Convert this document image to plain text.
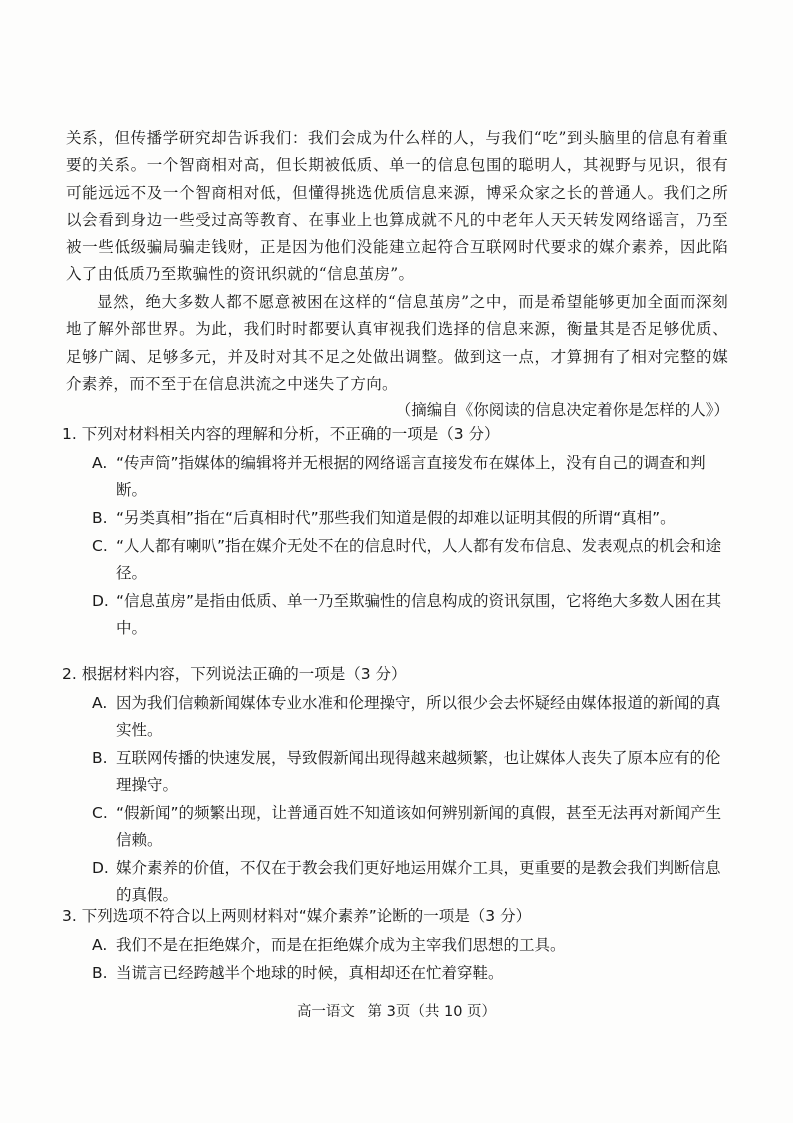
关系，但传播学研究却告诉我们：我们会成为什么样的人，与我们“吃”到头脑里的信息有着重要的关系。一个智商相对高，但长期被低质、单一的信息包围的聪明人，其视野与见识，很有可能远远不及一个智商相对低，但懂得挑选优质信息来源，博采众家之长的普通人。我们之所以会看到身边一些受过高等教育、在事业上也算成就不凡的中老年人天天转发网络谣言，乃至被一些低级骗局骗走钱财，正是因为他们没能建立起符合互联网时代要求的媒介素养，因此陷入了由低质乃至欺骗性的资讯织就的“信息茧房”。

显然，绝大多数人都不愿意被困在这样的“信息茧房”之中，而是希望能够更加全面而深刻地了解外部世界。为此，我们时时都要认真审视我们选择的信息来源，衡量其是否足够优质、足够广阔、足够多元，并及时对其不足之处做出调整。做到这一点，才算拥有了相对完整的媒介素养，而不至于在信息洪流之中迷失了方向。

（摘编自《你阅读的信息决定着你是怎样的人》）
1. 下列对材料相关内容的理解和分析，不正确的一项是（3 分）
A. “传声筒”指媒体的编辑将并无根据的网络谣言直接发布在媒体上，没有自己的调查和判断。
B. “另类真相”指在“后真相时代”那些我们知道是假的却难以证明其假的所谓“真相”。
C. “人人都有喇叭”指在媒介无处不在的信息时代，人人都有发布信息、发表观点的机会和途径。
D. “信息茧房”是指由低质、单一乃至欺骗性的信息构成的资讯氛围，它将绝大多数人困在其中。
2. 根据材料内容，下列说法正确的一项是（3 分）
A. 因为我们信赖新闻媒体专业水准和伦理操守，所以很少会去怀疑经由媒体报道的新闻的真实性。
B. 互联网传播的快速发展，导致假新闻出现得越来越频繁，也让媒体人丧失了原本应有的伦理操守。
C. “假新闻”的频繁出现，让普通百姓不知道该如何辨别新闻的真假，甚至无法再对新闻产生信赖。
D. 媒介素养的价值，不仅在于教会我们更好地运用媒介工具，更重要的是教会我们判断信息的真假。
3. 下列选项不符合以上两则材料对“媒介素养”论断的一项是（3 分）
A. 我们不是在拒绝媒介，而是在拒绝媒介成为主宰我们思想的工具。
B. 当谎言已经跨越半个地球的时候，真相却还在忙着穿鞋。
高一语文 第 3页（共 10 页）
